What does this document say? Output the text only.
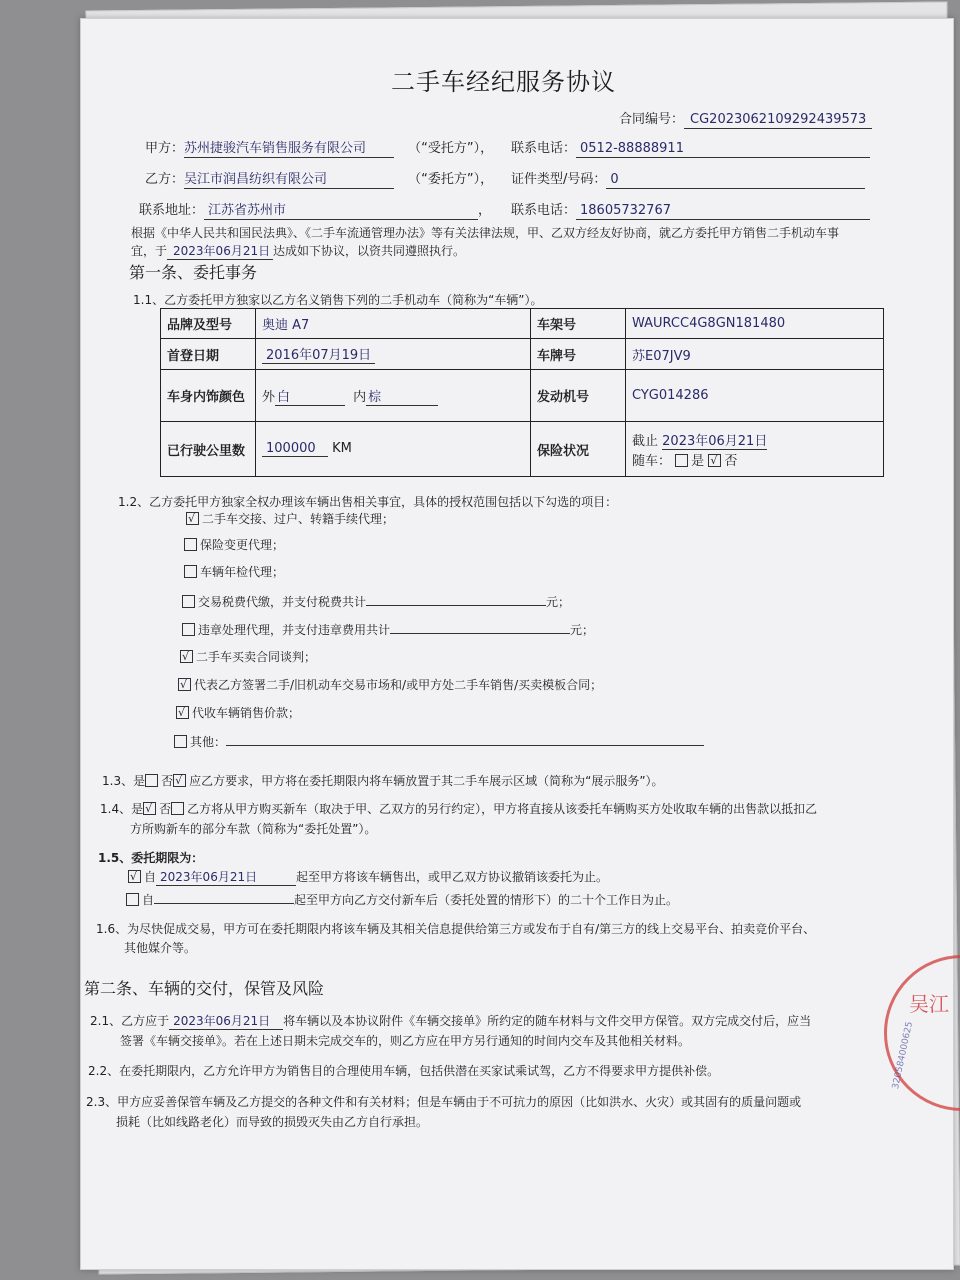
二手车经纪服务协议
合同编号： CG2023062109292439573
甲方：苏州捷骏汽车销售服务有限公司	（“受托方”）， 联系电话： 0512-88888911
乙方：吴江市润昌纺织有限公司	（“委托方”）， 证件类型/号码： 0
联系地址： 江苏省苏州市	， 联系电话： 18605732767
根据《中华人民共和国民法典》、《二手车流通管理办法》等有关法律法规，甲、乙双方经友好协商，就乙方委托甲方销售二手机动车事
宜，于 2023年06月21日 达成如下协议，以资共同遵照执行。
第一条、委托事务
1.1、乙方委托甲方独家以乙方名义销售下列的二手机动车（简称为“车辆”）。
品牌及型号	奥迪 A7	车架号	WAURCC4G8GN181480
首登日期	2016年07月19日	车牌号	苏E07JV9
车身内饰颜色	外 白 内 棕	发动机号	CYG014286
已行驶公里数	100000 KM	保险状况	截止 2023年06月21日
随车： 是 √ 否
1.2、乙方委托甲方独家全权办理该车辆出售相关事宜，具体的授权范围包括以下勾选的项目：
√二手车交接、过户、转籍手续代理；
保险变更代理；
车辆年检代理；
交易税费代缴，并支付税费共计	元；
违章处理代理，并支付违章费用共计	元；
√二手车买卖合同谈判；
√代表乙方签署二手/旧机动车交易市场和/或甲方处二手车销售/买卖模板合同；
√代收车辆销售价款；
其他：
1.3、是 否 √ 应乙方要求，甲方将在委托期限内将车辆放置于其二手车展示区域（简称为“展示服务”）。
1.4、是 √ 否 乙方将从甲方购买新车（取决于甲、乙双方的另行约定），甲方将直接从该委托车辆购买方处收取车辆的出售款以抵扣乙
方所购新车的部分车款（简称为“委托处置”）。
1.5、委托期限为：
√自 2023年06月21日	起至甲方将该车辆售出，或甲乙双方协议撤销该委托为止。
自	起至甲方向乙方交付新车后（委托处置的情形下）的二十个工作日为止。
1.6、为尽快促成交易，甲方可在委托期限内将该车辆及其相关信息提供给第三方或发布于自有/第三方的线上交易平台、拍卖竞价平台、
其他媒介等。
第二条、车辆的交付，保管及风险
2.1、乙方应于 2023年06月21日 将车辆以及本协议附件《车辆交接单》所约定的随车材料与文件交甲方保管。双方完成交付后，应当
签署《车辆交接单》。若在上述日期未完成交车的，则乙方应在甲方另行通知的时间内交车及其他相关材料。
2.2、在委托期限内，乙方允许甲方为销售目的合理使用车辆，包括供潜在买家试乘试驾，乙方不得要求甲方提供补偿。
2.3、甲方应妥善保管车辆及乙方提交的各种文件和有关材料；但是车辆由于不可抗力的原因（比如洪水、火灾）或其固有的质量问题或
损耗（比如线路老化）而导致的损毁灭失由乙方自行承担。
吴江
320584000625
